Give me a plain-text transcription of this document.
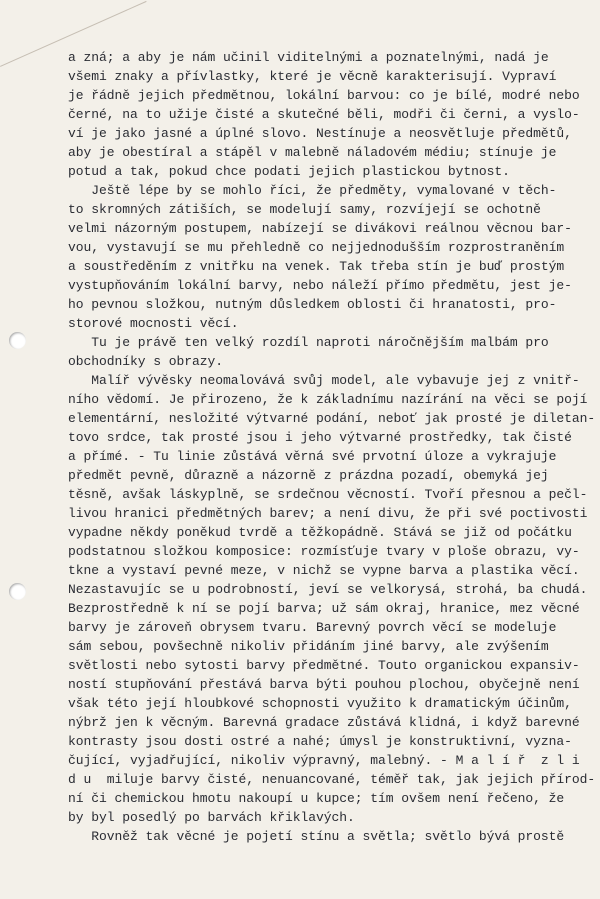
a zná; a aby je nám učinil viditelnými a poznatelnými, nadá je
všemi znaky a přívlastky, které je věcně karakterisují. Vypraví
je řádně jejich předmětnou, lokální barvou: co je bílé, modré nebo
černé, na to užije čisté a skutečné běli, modři či černi, a vyslo-
ví je jako jasné a úplné slovo. Nestínuje a neosvětluje předmětů,
aby je obestíral a stápěl v malebně náladovém médiu; stínuje je
potud a tak, pokud chce podati jejich plastickou bytnost.
Ještě lépe by se mohlo říci, že předměty, vymalované v těch-
to skromných zátiších, se modelují samy, rozvíjejí se ochotně
velmi názorným postupem, nabízejí se divákovi reálnou věcnou bar-
vou, vystavují se mu přehledně co nejjednodušším rozprostraněním
a soustředěním z vnitřku na venek. Tak třeba stín je buď prostým
vystupňováním lokální barvy, nebo náleží přímo předmětu, jest je-
ho pevnou složkou, nutným důsledkem oblosti či hranatosti, pro-
storové mocnosti věcí.
Tu je právě ten velký rozdíl naproti náročnějším malbám pro
obchodníky s obrazy.
Malíř vývěsky neomalovává svůj model, ale vybavuje jej z vnitř-
ního vědomí. Je přirozeno, že k základnímu nazírání na věci se pojí
elementární, nesložité výtvarné podání, neboť jak prosté je diletan-
tovo srdce, tak prosté jsou i jeho výtvarné prostředky, tak čisté
a přímé. - Tu linie zůstává věrná své prvotní úloze a vykrajuje
předmět pevně, důrazně a názorně z prázdna pozadí, obemyká jej
těsně, avšak láskyplně, se srdečnou věcností. Tvoří přesnou a pečl-
livou hranici předmětných barev; a není divu, že při své poctivosti
vypadne někdy poněkud tvrdě a těžkopádně. Stává se již od počátku
podstatnou složkou komposice: rozmísťuje tvary v ploše obrazu, vy-
tkne a vystaví pevné meze, v nichž se vypne barva a plastika věcí.
Nezastavujíc se u podrobností, jeví se velkorysá, strohá, ba chudá.
Bezprostředně k ní se pojí barva; už sám okraj, hranice, mez věcné
barvy je zároveň obrysem tvaru. Barevný povrch věcí se modeluje
sám sebou, povšechně nikoliv přidáním jiné barvy, ale zvýšením
světlosti nebo sytosti barvy předmětné. Touto organickou expansiv-
ností stupňování přestává barva býti pouhou plochou, obyčejně není
však této její hloubkové schopnosti využito k dramatickým účinům,
nýbrž jen k věcným. Barevná gradace zůstává klidná, i když barevné
kontrasty jsou dosti ostré a nahé; úmysl je konstruktivní, vyzna-
čující, vyjadřující, nikoliv výpravný, malebný. - M a l í ř  z l i
d u  miluje barvy čisté, nenuancované, téměř tak, jak jejich přírod-
ní či chemickou hmotu nakoupí u kupce; tím ovšem není řečeno, že
by byl posedlý po barvách křiklavých.
Rovněž tak věcné je pojetí stínu a světla; světlo bývá prostě
